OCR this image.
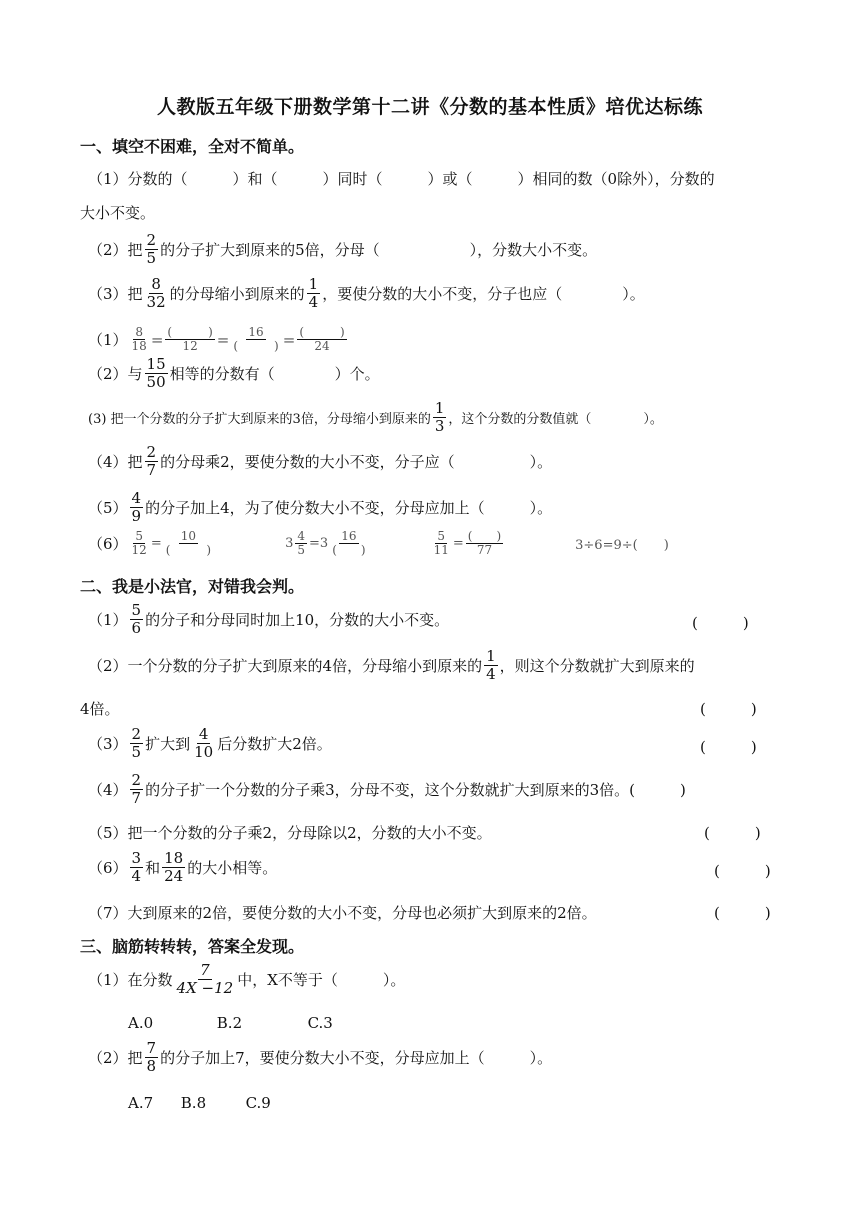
人教版五年级下册数学第十二讲《分数的基本性质》培优达标练
一、填空不困难，全对不简单。
（1）分数的（　　　）和（　　　）同时（　　　）或（　　　）相同的数（0除外），分数的
大小不变。
（2）把
2
5 的分子扩大到原来的5倍，分母（　　　　　　），分数大小不变。
（3）把
8
32 的分母缩小到原来的
1
4 ，要使分数的大小不变，分子也应（　　　　）。
$(1) \frac{8}{18}$ = (　　　)
12 = 16
(　　　) = (　　　)
24
（2）与
15
50 相等的分数有（　　　　）个。
(3) 把一个分数的分子扩大到原来的3倍，分母缩小到原来的
1
3 ，这个分数的分数值就（　　　　）。
（4）把
2
7 的分母乘2，要使分数的大小不变，分子应（　　　　　）。
（5）
4
9 的分子加上4，为了使分数大小不变，分母应加上（　　　）。
$(6) \frac{5}{12} = 10$
(　　　)	$3 \frac{4}{5} =3$ 16
(　　)	$\frac{5}{11}$ = (　　)
77	3÷6=9÷(　　)
二、我是小法官，对错我会判。
（1）
5
6 的分子和分母同时加上10，分数的大小不变。	(　　　)
（2）一个分数的分子扩大到原来的4倍，分母缩小到原来的
1
4 ，则这个分数就扩大到原来的
4倍。	(　　　)
（3）
2
5 扩大到
4
10 后分数扩大2倍。	(　　　)
（4）
2
7 的分子扩一个分数的分子乘3，分母不变，这个分数就扩大到原来的3倍。(　　　)
（5）把一个分数的分子乘2，分母除以2，分数的大小不变。	(　　　)
（6）
3
4 和
18
24 的大小相等。	(　　　)
（7）大到原来的2倍，要使分数的大小不变，分母也必须扩大到原来的2倍。	(　　　)
三、脑筋转转转，答案全发现。
（1）在分数
7
4X −12 中，X不等于（　　　）。
A.0	B.2	C.3
（2）把
7
8 的分子加上7，要使分数大小不变，分母应加上（　　　）。
A.7 B.8	C.9
